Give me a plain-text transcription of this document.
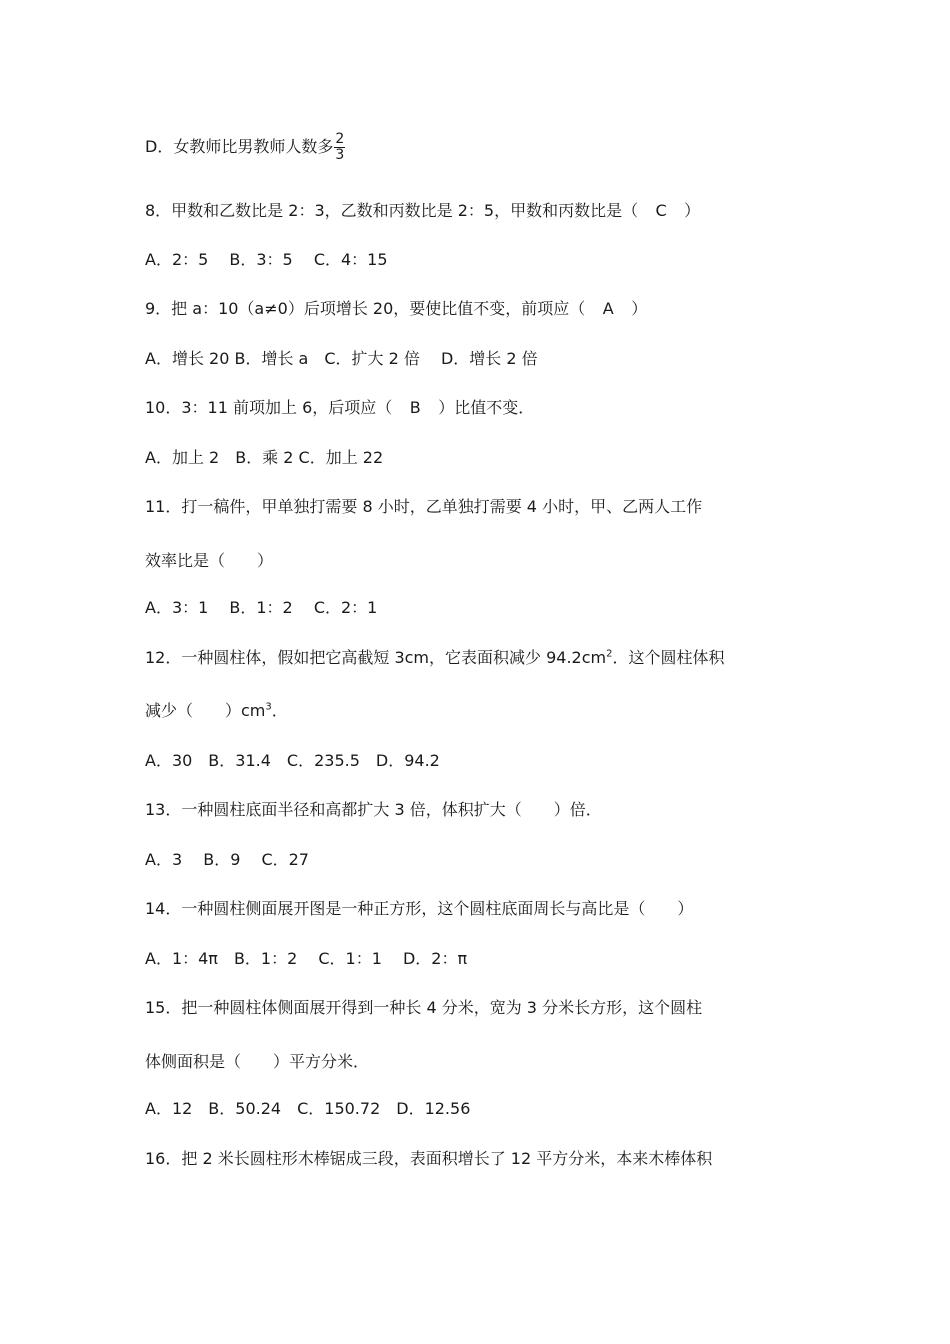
D．女教师比男教师人数多 $\frac{2}{3}$
8．甲数和乙数比是 2：3，乙数和丙数比是 2：5，甲数和丙数比是（ C ）
A．2：5　 B．3：5　 C．4：15
9．把 a：10（a≠0）后项增长 20，要使比值不变，前项应（ A ）
A．增长 20 B．增长 a　C．扩大 2 倍　 D．增长 2 倍
10．3：11 前项加上 6，后项应（ B ）比值不变．
A．加上 2　B．乘 2 C．加上 22
11．打一稿件，甲单独打需要 8 小时，乙单独打需要 4 小时，甲、乙两人工作
效率比是（　　）
A．3：1　 B．1：2　 C．2：1
12．一种圆柱体，假如把它高截短 3cm，它表面积减少 $94.2cm^2$．这个圆柱体积
减少（　　）$cm^3$．
A．30　B．31.4　C．235.5　D．94.2
13．一种圆柱底面半径和高都扩大 3 倍，体积扩大（　　）倍．
A．3　 B．9　 C．27
14．一种圆柱侧面展开图是一种正方形，这个圆柱底面周长与高比是（　　）
A．1：4π　B．1：2　 C．1：1　 D．2：π
15．把一种圆柱体侧面展开得到一种长 4 分米，宽为 3 分米长方形，这个圆柱
体侧面积是（　　）平方分米．
A．12　B．50.24　C．150.72　D．12.56
16．把 2 米长圆柱形木棒锯成三段，表面积增长了 12 平方分米，本来木棒体积
